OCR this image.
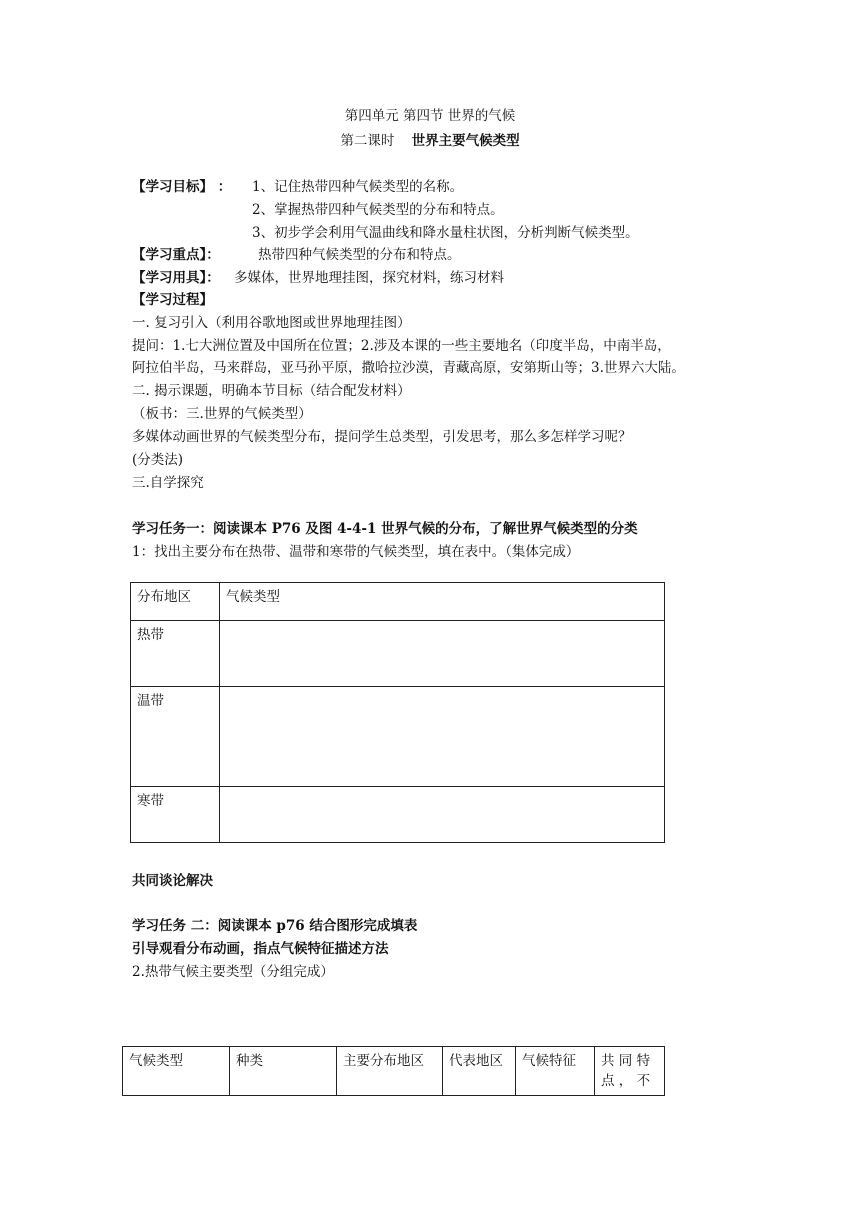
第四单元 第四节 世界的气候
第二课时 世界主要气候类型
【学习目标】 ： 1、记住热带四种气候类型的名称。
2、掌握热带四种气候类型的分布和特点。
3、初步学会利用气温曲线和降水量柱状图，分析判断气候类型。
【学习重点】：	热带四种气候类型的分布和特点。
【学习用具】： 多媒体，世界地理挂图，探究材料，练习材料
【学习过程】
一. 复习引入（利用谷歌地图或世界地理挂图）
提问：1.七大洲位置及中国所在位置；2.涉及本课的一些主要地名（印度半岛，中南半岛，
阿拉伯半岛，马来群岛，亚马孙平原，撒哈拉沙漠，青藏高原，安第斯山等；3.世界六大陆。
二. 揭示课题，明确本节目标（结合配发材料）
（板书：三.世界的气候类型）
多媒体动画世界的气候类型分布，提问学生总类型，引发思考，那么多怎样学习呢？
(分类法)
三.自学探究
学习任务一：阅读课本 P76 及图 4-4-1 世界气候的分布，了解世界气候类型的分类
1：找出主要分布在热带、温带和寒带的气候类型，填在表中。（集体完成）
分布地区	气候类型
热带	
温带	
寒带	
共同谈论解决
学习任务 二：阅读课本 p76 结合图形完成填表
引导观看分布动画，指点气候特征描述方法
2.热带气候主要类型（分组完成）
气候类型	种类	主要分布地区	代表地区	气候特征	共 同 特
点 ， 不
